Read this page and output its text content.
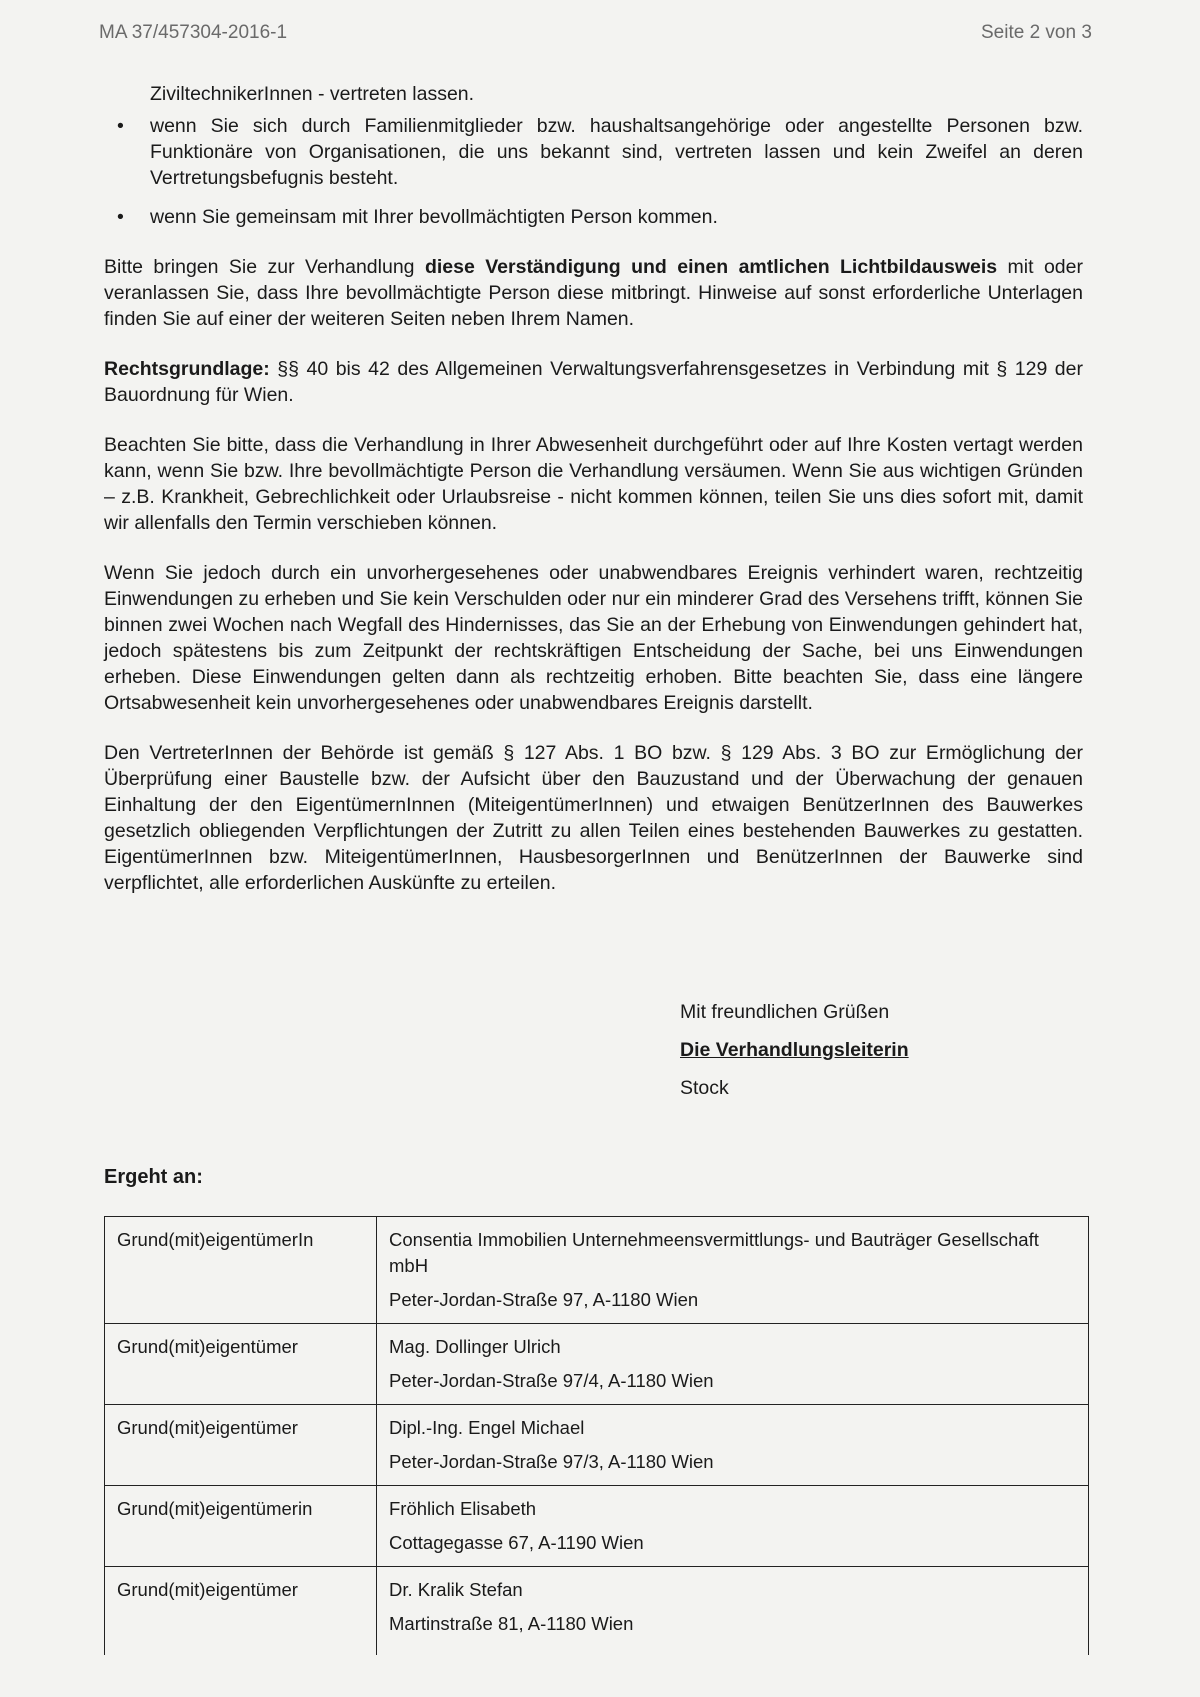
MA 37/457304-2016-1	Seite 2 von 3

ZiviltechnikerInnen - vertreten lassen.

• wenn Sie sich durch Familienmitglieder bzw. haushaltsangehörige oder angestellte Personen bzw. Funktionäre von Organisationen, die uns bekannt sind, vertreten lassen und kein Zweifel an deren Vertretungsbefugnis besteht.
• wenn Sie gemeinsam mit Ihrer bevollmächtigten Person kommen.

Bitte bringen Sie zur Verhandlung diese Verständigung und einen amtlichen Lichtbildausweis mit oder veranlassen Sie, dass Ihre bevollmächtigte Person diese mitbringt. Hinweise auf sonst erforderliche Unterlagen finden Sie auf einer der weiteren Seiten neben Ihrem Namen.

Rechtsgrundlage: §§ 40 bis 42 des Allgemeinen Verwaltungsverfahrensgesetzes in Verbindung mit § 129 der Bauordnung für Wien.

Beachten Sie bitte, dass die Verhandlung in Ihrer Abwesenheit durchgeführt oder auf Ihre Kosten vertagt werden kann, wenn Sie bzw. Ihre bevollmächtigte Person die Verhandlung versäumen. Wenn Sie aus wichtigen Gründen – z.B. Krankheit, Gebrechlichkeit oder Urlaubsreise - nicht kommen können, teilen Sie uns dies sofort mit, damit wir allenfalls den Termin verschieben können.

Wenn Sie jedoch durch ein unvorhergesehenes oder unabwendbares Ereignis verhindert waren, rechtzeitig Einwendungen zu erheben und Sie kein Verschulden oder nur ein minderer Grad des Versehens trifft, können Sie binnen zwei Wochen nach Wegfall des Hindernisses, das Sie an der Erhebung von Einwendungen gehindert hat, jedoch spätestens bis zum Zeitpunkt der rechtskräftigen Entscheidung der Sache, bei uns Einwendungen erheben. Diese Einwendungen gelten dann als rechtzeitig erhoben. Bitte beachten Sie, dass eine längere Ortsabwesenheit kein unvorhergesehenes oder unabwendbares Ereignis darstellt.

Den VertreterInnen der Behörde ist gemäß § 127 Abs. 1 BO bzw. § 129 Abs. 3 BO zur Ermöglichung der Überprüfung einer Baustelle bzw. der Aufsicht über den Bauzustand und der Überwachung der genauen Einhaltung der den EigentümernInnen (MiteigentümerInnen) und etwaigen BenützerInnen des Bauwerkes gesetzlich obliegenden Verpflichtungen der Zutritt zu allen Teilen eines bestehenden Bauwerkes zu gestatten. EigentümerInnen bzw. MiteigentümerInnen, HausbesorgerInnen und BenützerInnen der Bauwerke sind verpflichtet, alle erforderlichen Auskünfte zu erteilen.

Mit freundlichen Grüßen
Die Verhandlungsleiterin
Stock
Ergeht an:
Grund(mit)eigentümerIn	Consentia Immobilien Unternehmeensvermittlungs- und Bauträger Gesellschaft mbH
Peter-Jordan-Straße 97, A-1180 Wien

Grund(mit)eigentümer	Mag. Dollinger Ulrich
Peter-Jordan-Straße 97/4, A-1180 Wien

Grund(mit)eigentümer	Dipl.-Ing. Engel Michael
Peter-Jordan-Straße 97/3, A-1180 Wien

Grund(mit)eigentümerin	Fröhlich Elisabeth
Cottagegasse 67, A-1190 Wien

Grund(mit)eigentümer	Dr. Kralik Stefan
Martinstraße 81, A-1180 Wien
